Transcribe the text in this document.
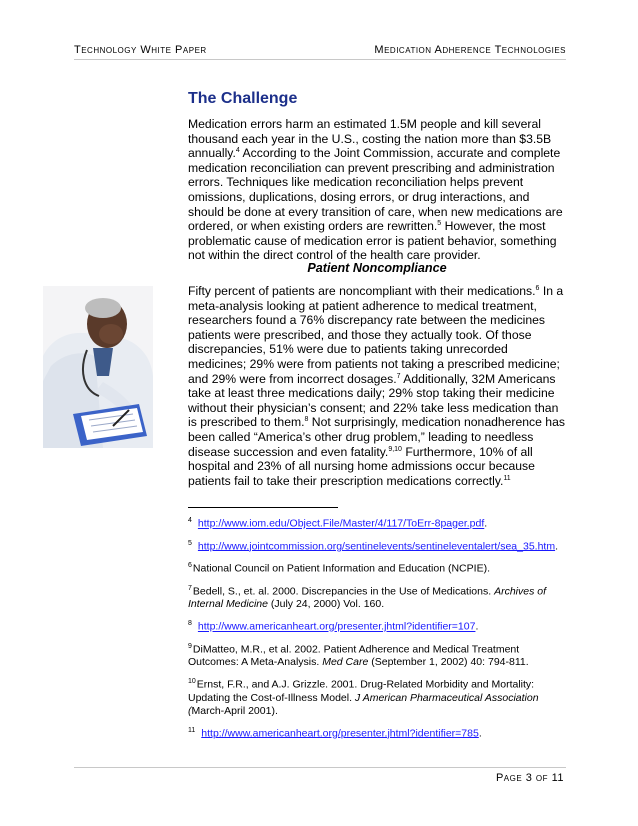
Technology White Paper	Medication Adherence Technologies
The Challenge

Medication errors harm an estimated 1.5M people and kill several thousand each year in the U.S., costing the nation more than $3.5B annually.$^4$ According to the Joint Commission, accurate and complete medication reconciliation can prevent prescribing and administration errors. Techniques like medication reconciliation helps prevent omissions, duplications, dosing errors, or drug interactions, and should be done at every transition of care, when new medications are ordered, or when existing orders are rewritten.$^5$ However, the most problematic cause of medication error is patient behavior, something not within the direct control of the health care provider.

Patient Noncompliance

Fifty percent of patients are noncompliant with their medications.$^6$ In a meta-analysis looking at patient adherence to medical treatment, researchers found a 76% discrepancy rate between the medicines patients were prescribed, and those they actually took. Of those discrepancies, 51% were due to patients taking unrecorded medicines; 29% were from patients not taking a prescribed medicine; and 29% were from incorrect dosages.$^7$ Additionally, 32M Americans take at least three medications daily; 29% stop taking their medicine without their physician’s consent; and 22% take less medication than is prescribed to them.$^8$ Not surprisingly, medication nonadherence has been called “America’s other drug problem,” leading to needless disease succession and even fatality.$^{9,10}$ Furthermore, 10% of all hospital and 23% of all nursing home admissions occur because patients fail to take their prescription medications correctly.$^{11}$

$^4$ http://www.iom.edu/Object.File/Master/4/117/ToErr-8pager.pdf.

$^5$ http://www.jointcommission.org/sentinelevents/sentineleventalert/sea_35.htm.

$^6$National Council on Patient Information and Education (NCPIE).

$^7$Bedell, S., et. al. 2000. Discrepancies in the Use of Medications. Archives of Internal Medicine (July 24, 2000) Vol. 160.

$^8$ http://www.americanheart.org/presenter.jhtml?identifier=107.

$^9$DiMatteo, M.R., et al. 2002. Patient Adherence and Medical Treatment Outcomes: A Meta-Analysis. Med Care (September 1, 2002) 40: 794-811.

$^{10}$Ernst, F.R., and A.J. Grizzle. 2001. Drug-Related Morbidity and Mortality: Updating the Cost-of-Illness Model. J American Pharmaceutical Association (March-April 2001).

$^{11}$ http://www.americanheart.org/presenter.jhtml?identifier=785.

Page 3 of 11
